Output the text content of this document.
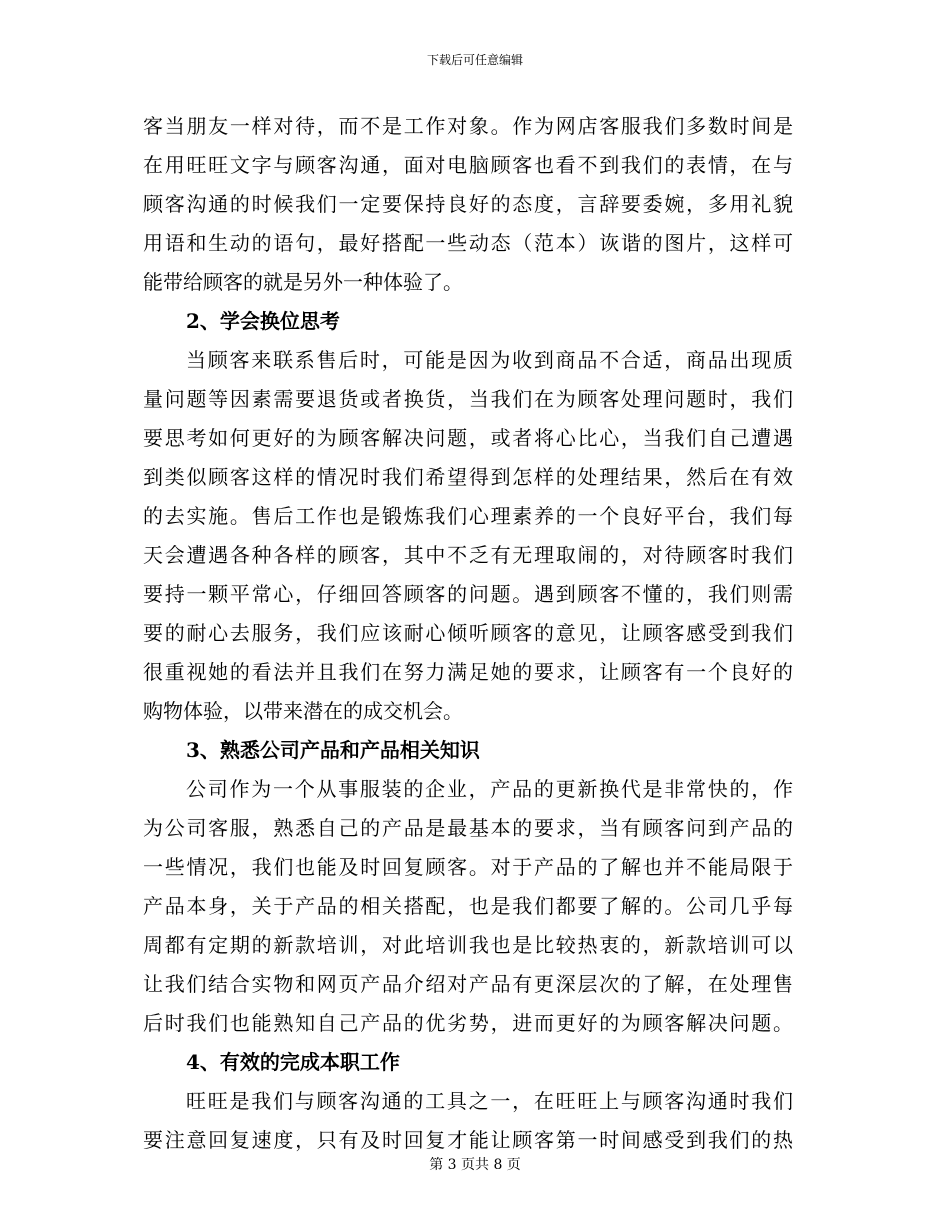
下载后可任意编辑
客当朋友一样对待，而不是工作对象。作为网店客服我们多数时间是
在用旺旺文字与顾客沟通，面对电脑顾客也看不到我们的表情，在与
顾客沟通的时候我们一定要保持良好的态度，言辞要委婉，多用礼貌
用语和生动的语句，最好搭配一些动态（范本）诙谐的图片，这样可
能带给顾客的就是另外一种体验了。
2、学会换位思考
当顾客来联系售后时，可能是因为收到商品不合适，商品出现质
量问题等因素需要退货或者换货，当我们在为顾客处理问题时，我们
要思考如何更好的为顾客解决问题，或者将心比心，当我们自己遭遇
到类似顾客这样的情况时我们希望得到怎样的处理结果，然后在有效
的去实施。售后工作也是锻炼我们心理素养的一个良好平台，我们每
天会遭遇各种各样的顾客，其中不乏有无理取闹的，对待顾客时我们
要持一颗平常心，仔细回答顾客的问题。遇到顾客不懂的，我们则需
要的耐心去服务，我们应该耐心倾听顾客的意见，让顾客感受到我们
很重视她的看法并且我们在努力满足她的要求，让顾客有一个良好的
购物体验，以带来潜在的成交机会。
3、熟悉公司产品和产品相关知识
公司作为一个从事服装的企业，产品的更新换代是非常快的，作
为公司客服，熟悉自己的产品是最基本的要求，当有顾客问到产品的
一些情况，我们也能及时回复顾客。对于产品的了解也并不能局限于
产品本身，关于产品的相关搭配，也是我们都要了解的。公司几乎每
周都有定期的新款培训，对此培训我也是比较热衷的，新款培训可以
让我们结合实物和网页产品介绍对产品有更深层次的了解，在处理售
后时我们也能熟知自己产品的优劣势，进而更好的为顾客解决问题。
4、有效的完成本职工作
旺旺是我们与顾客沟通的工具之一，在旺旺上与顾客沟通时我们
要注意回复速度，只有及时回复才能让顾客第一时间感受到我们的热
第 3 页共 8 页
